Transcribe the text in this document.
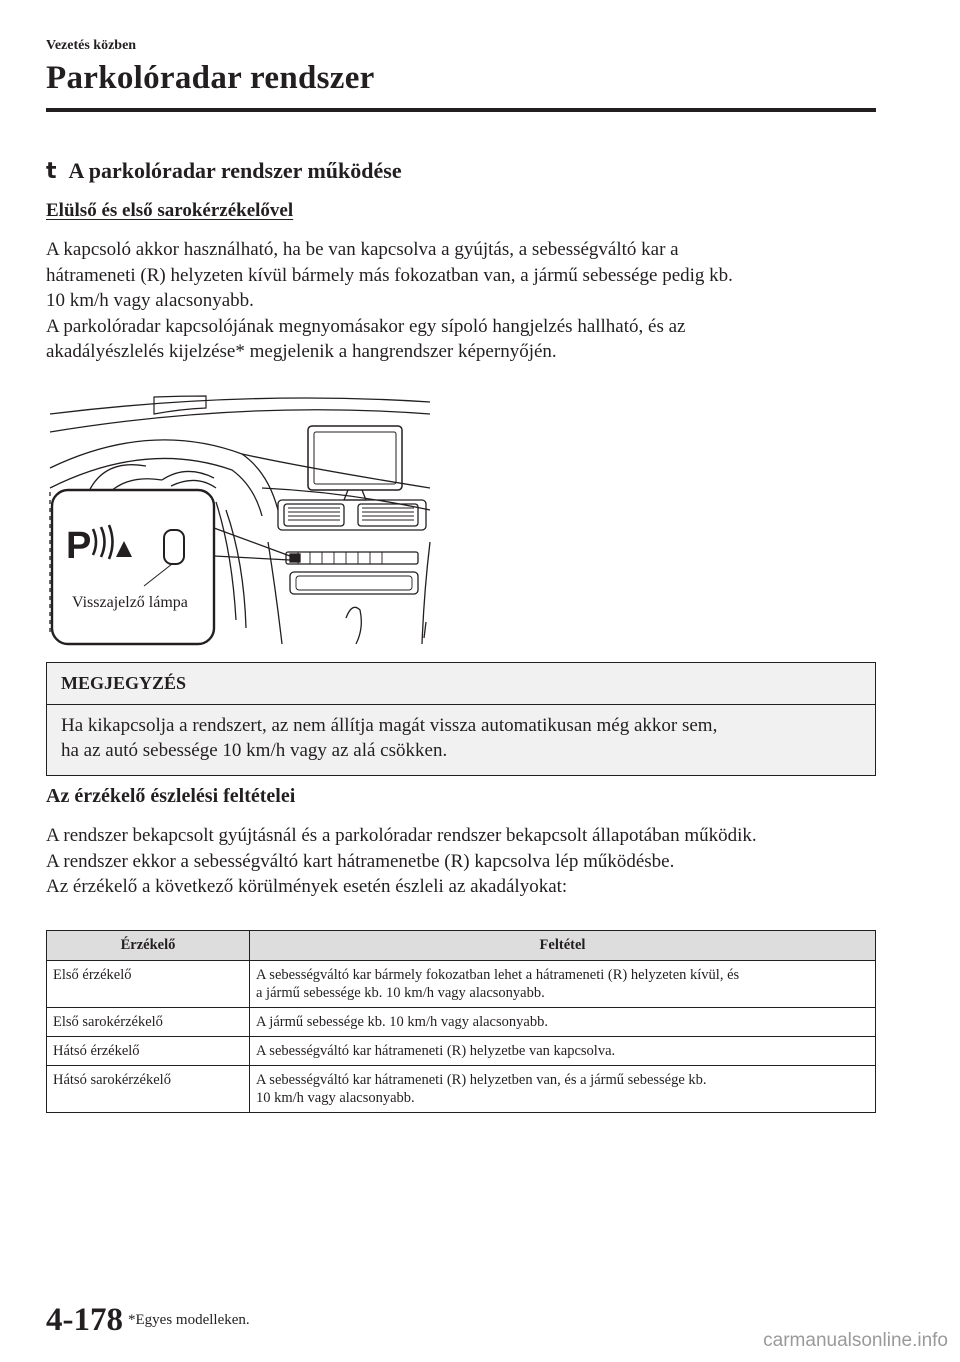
Vezetés közben
Parkolóradar rendszer
t A parkolóradar rendszer működése
Elülső és első sarokérzékelővel

A kapcsoló akkor használható, ha be van kapcsolva a gyújtás, a sebességváltó kar a

hátrameneti (R) helyzeten kívül bármely más fokozatban van, a jármű sebessége pedig kb.

10 km/h vagy alacsonyabb.

A parkolóradar kapcsolójának megnyomásakor egy sípoló hangjelzés hallható, és az

akadályészlelés kijelzése* megjelenik a hangrendszer képernyőjén.

P
Visszajelző lámpa
MEGJEGYZÉS
Ha kikapcsolja a rendszert, az nem állítja magát vissza automatikusan még akkor sem,
ha az autó sebessége 10 km/h vagy az alá csökken.
Az érzékelő észlelési feltételei

A rendszer bekapcsolt gyújtásnál és a parkolóradar rendszer bekapcsolt állapotában működik.

A rendszer ekkor a sebességváltó kart hátramenetbe (R) kapcsolva lép működésbe.

Az érzékelő a következő körülmények esetén észleli az akadályokat:

Érzékelő	Feltétel
Első érzékelő	A sebességváltó kar bármely fokozatban lehet a hátrameneti (R) helyzeten kívül, és
a jármű sebessége kb. 10 km/h vagy alacsonyabb.

Első sarokérzékelő	A jármű sebessége kb. 10 km/h vagy alacsonyabb.

Hátsó érzékelő	A sebességváltó kar hátrameneti (R) helyzetbe van kapcsolva.

Hátsó sarokérzékelő	A sebességváltó kar hátrameneti (R) helyzetben van, és a jármű sebessége kb.
10 km/h vagy alacsonyabb.
4-178 *Egyes modelleken.
carmanualsonline.info
